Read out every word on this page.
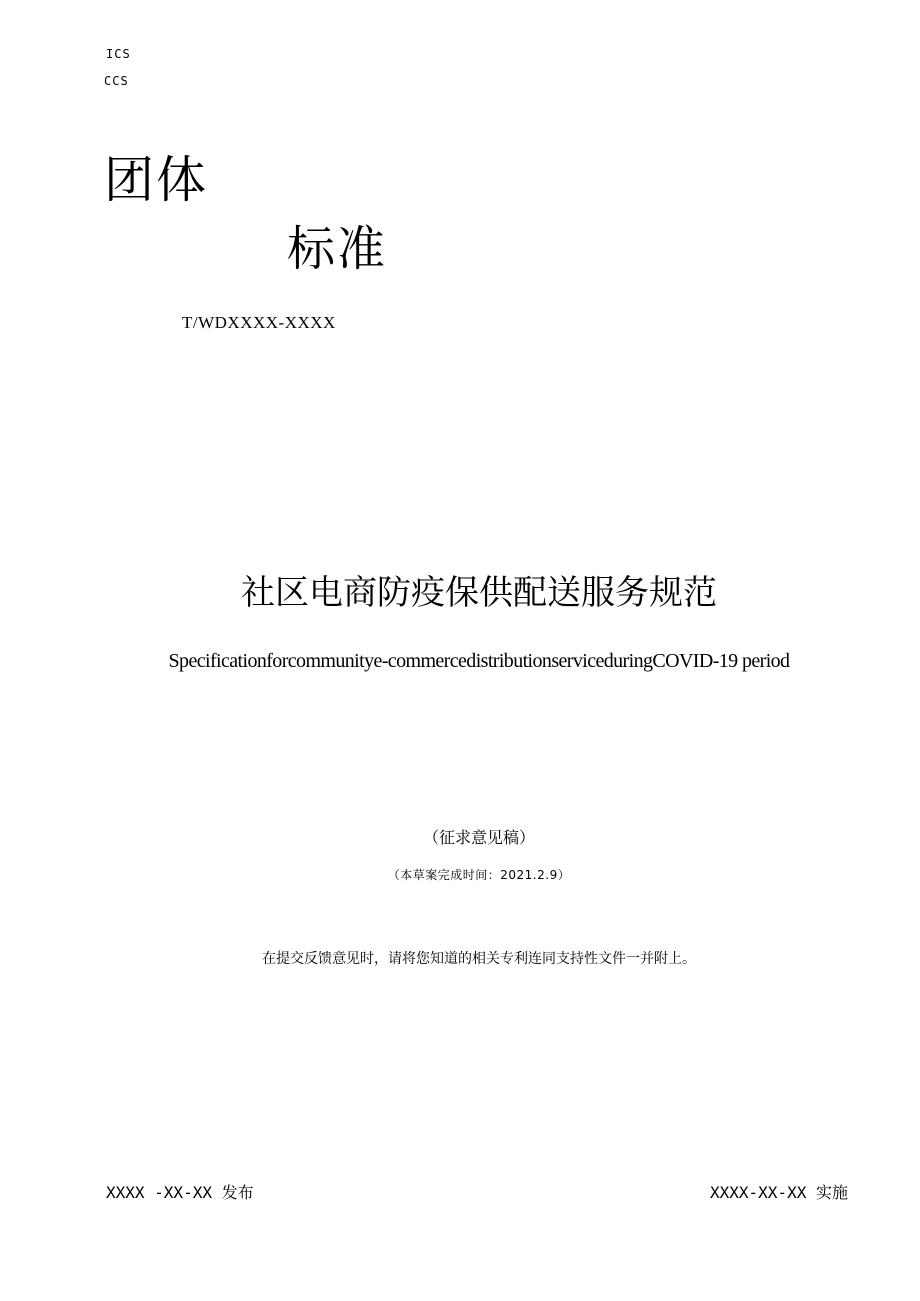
ICS
CCS
团体
标准
T/WDXXXX-XXXX
社区电商防疫保供配送服务规范
Specificationforcommunitye-commercedistributionserviceduringCOVID-19 period
（征求意见稿）
（本草案完成时间：2021.2.9）
在提交反馈意见时，请将您知道的相关专利连同支持性文件一并附上。
XXXX -XX-XX 发布	XXXX-XX-XX 实施
